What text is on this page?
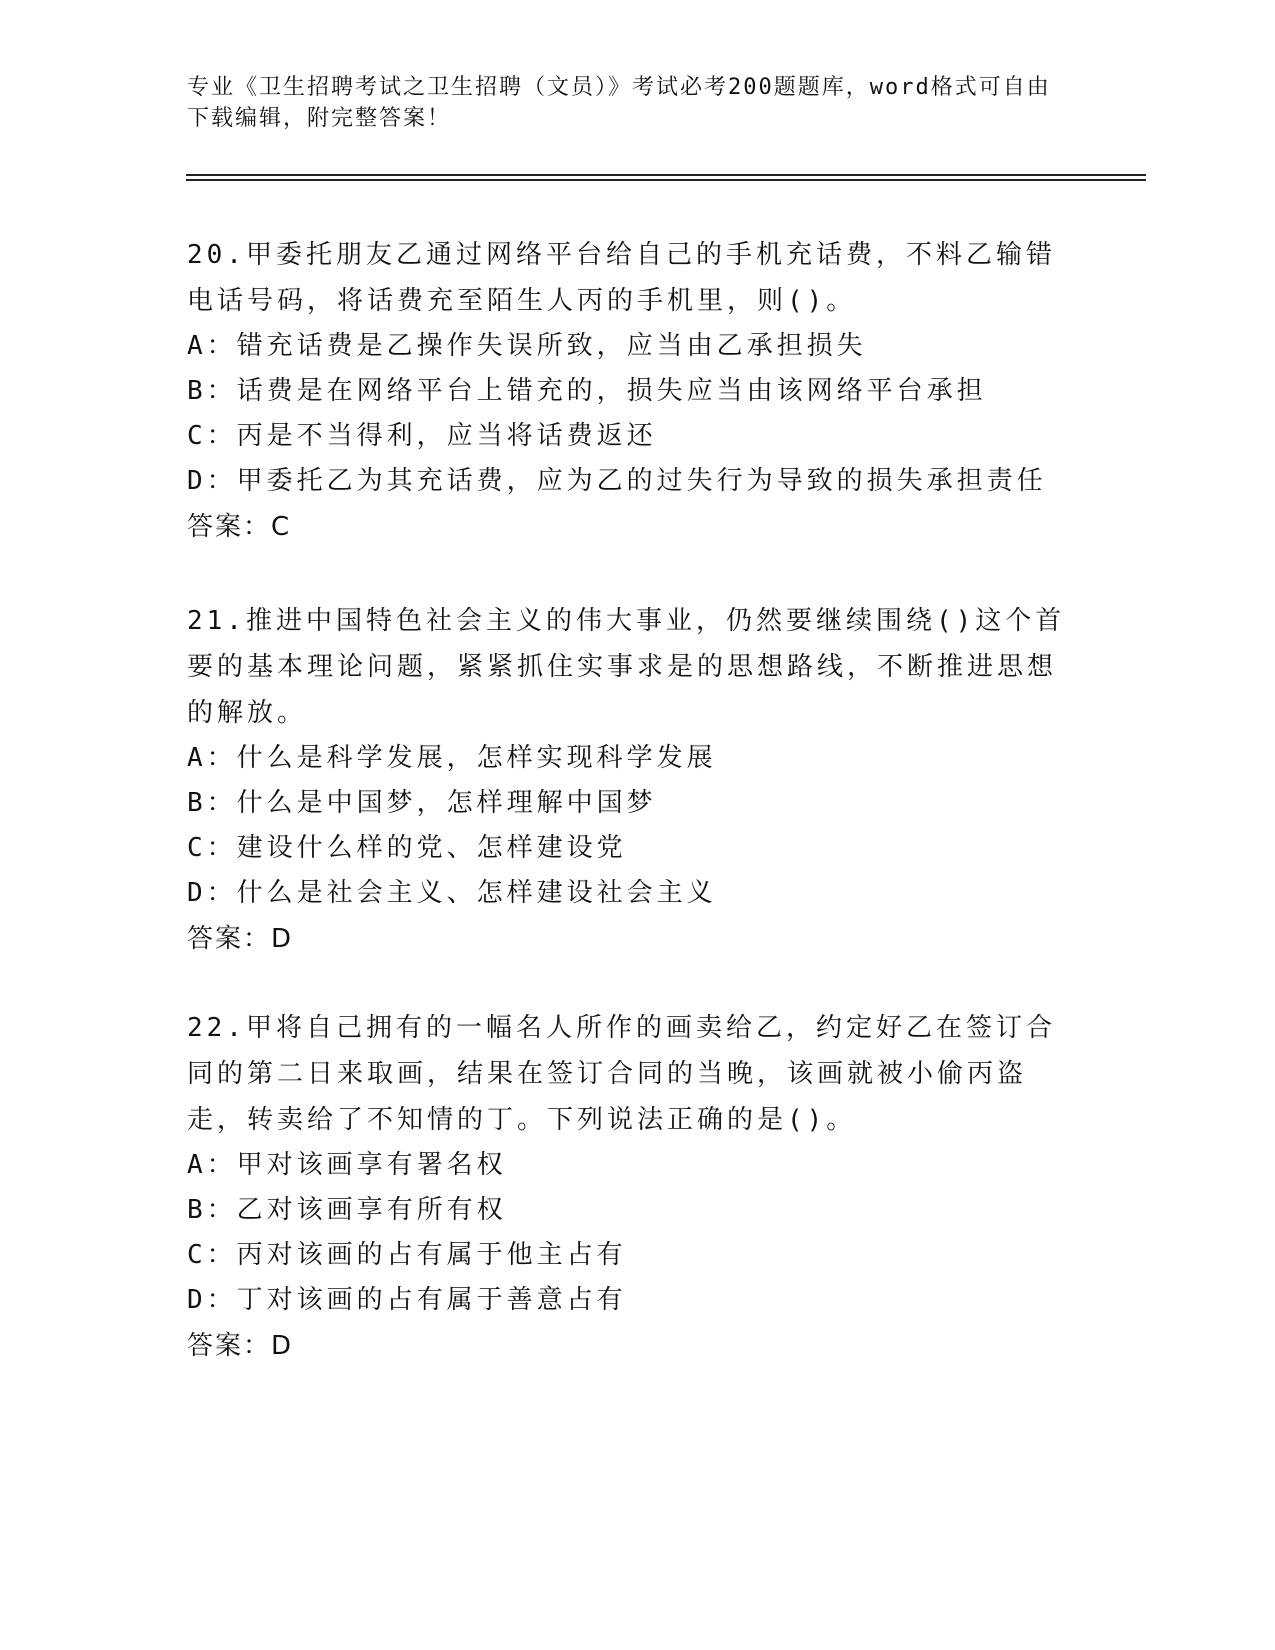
专业《卫生招聘考试之卫生招聘（文员）》考试必考200题题库，word格式可自由下载编辑，附完整答案！

20.甲委托朋友乙通过网络平台给自己的手机充话费，不料乙输错电话号码，将话费充至陌生人丙的手机里，则()。

A：错充话费是乙操作失误所致，应当由乙承担损失

B：话费是在网络平台上错充的，损失应当由该网络平台承担

C：丙是不当得利，应当将话费返还

D：甲委托乙为其充话费，应为乙的过失行为导致的损失承担责任

答案：C

21.推进中国特色社会主义的伟大事业，仍然要继续围绕()这个首要的基本理论问题，紧紧抓住实事求是的思想路线，不断推进思想的解放。

A：什么是科学发展，怎样实现科学发展

B：什么是中国梦，怎样理解中国梦

C：建设什么样的党、怎样建设党

D：什么是社会主义、怎样建设社会主义

答案：D

22.甲将自己拥有的一幅名人所作的画卖给乙，约定好乙在签订合同的第二日来取画，结果在签订合同的当晚，该画就被小偷丙盗走，转卖给了不知情的丁。下列说法正确的是()。

A：甲对该画享有署名权

B：乙对该画享有所有权

C：丙对该画的占有属于他主占有

D：丁对该画的占有属于善意占有

答案：D
